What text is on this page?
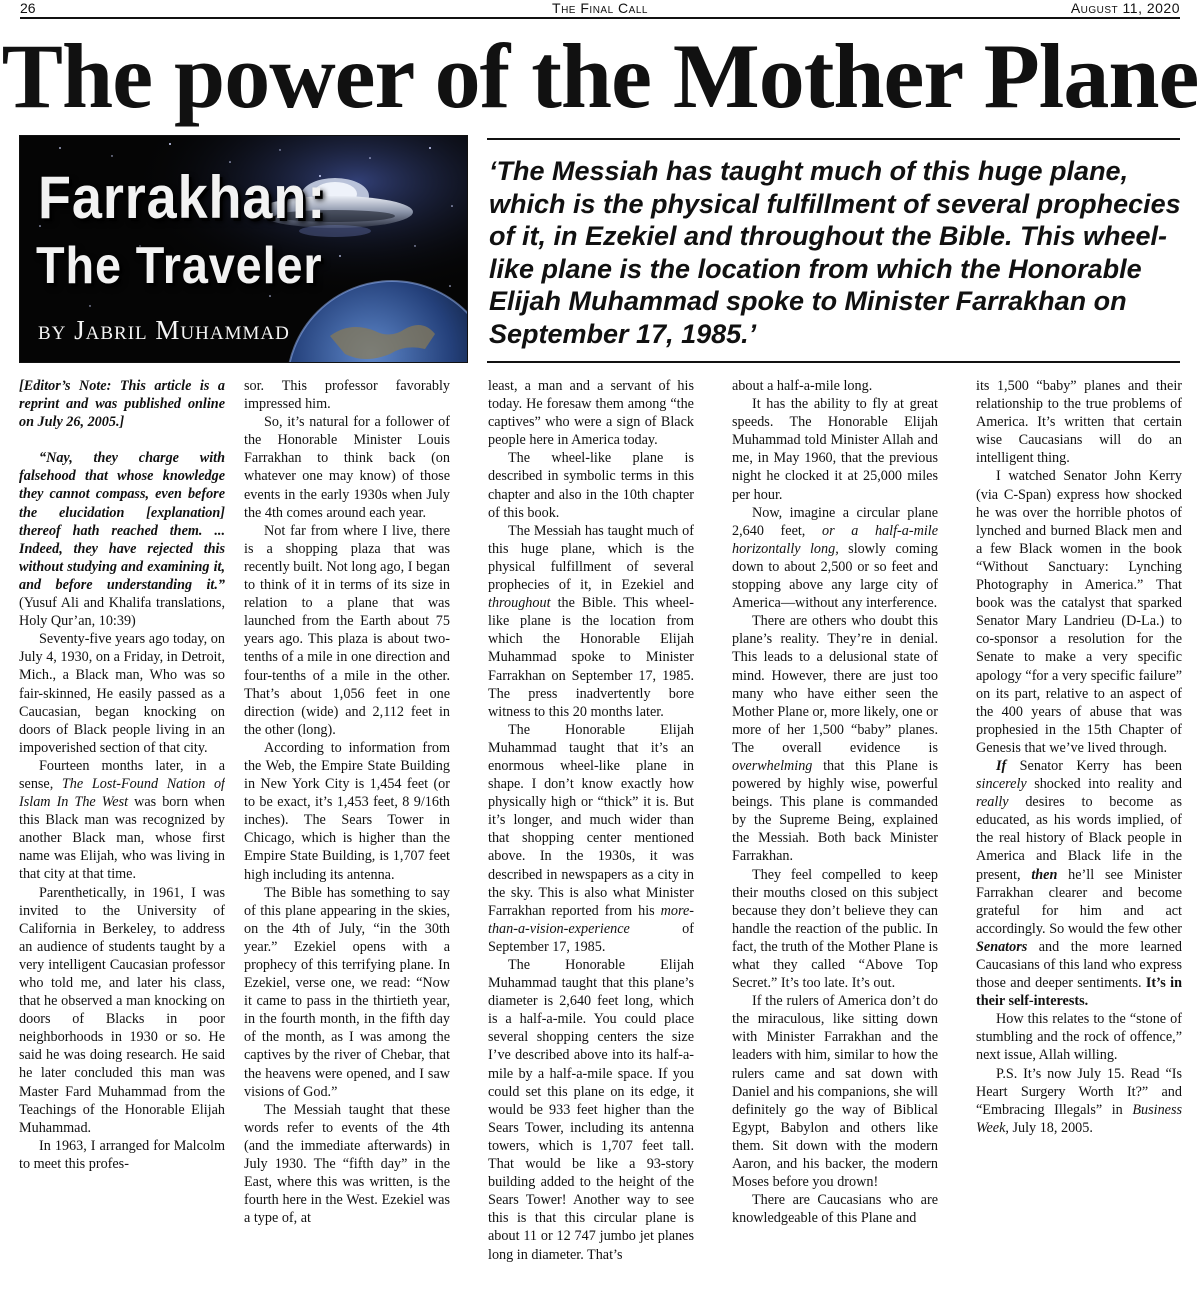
26	The Final Call	August 11, 2020
The power of the Mother Plane
Farrakhan:
The Traveler
by Jabril Muhammad

‘The Messiah has taught much of this huge plane, which is the physical fulfillment of several prophecies of it, in Ezekiel and throughout the Bible. This wheel-like plane is the location from which the Honorable Elijah Muhammad spoke to Minister Farrakhan on September 17, 1985.’

[Editor’s Note: This article is a reprint and was published online on July 26, 2005.]

“Nay, they charge with falsehood that whose knowledge they cannot compass, even before the elucidation [explanation] thereof hath reached them. ... Indeed, they have rejected this without studying and examining it, and before understanding it.” (Yusuf Ali and Khalifa translations, Holy Qur’an, 10:39)

Seventy-five years ago today, on July 4, 1930, on a Friday, in Detroit, Mich., a Black man, Who was so fair-skinned, He easily passed as a Caucasian, began knocking on doors of Black people living in an impoverished section of that city.

Fourteen months later, in a sense, The Lost-Found Nation of Islam In The West was born when this Black man was recognized by another Black man, whose first name was Elijah, who was living in that city at that time.

Parenthetically, in 1961, I was invited to the University of California in Berkeley, to address an audience of students taught by a very intelligent Caucasian professor who told me, and later his class, that he observed a man knocking on doors of Blacks in poor neighborhoods in 1930 or so. He said he was doing research. He said he later concluded this man was Master Fard Muhammad from the Teachings of the Honorable Elijah Muhammad.

In 1963, I arranged for Malcolm to meet this profes-

sor. This professor favorably impressed him.

So, it’s natural for a follower of the Honorable Minister Louis Farrakhan to think back (on whatever one may know) of those events in the early 1930s when July the 4th comes around each year.

Not far from where I live, there is a shopping plaza that was recently built. Not long ago, I began to think of it in terms of its size in relation to a plane that was launched from the Earth about 75 years ago. This plaza is about two-tenths of a mile in one direction and four-tenths of a mile in the other. That’s about 1,056 feet in one direction (wide) and 2,112 feet in the other (long).

According to information from the Web, the Empire State Building in New York City is 1,454 feet (or to be exact, it’s 1,453 feet, 8 9/16th inches). The Sears Tower in Chicago, which is higher than the Empire State Building, is 1,707 feet high including its antenna.

The Bible has something to say of this plane appearing in the skies, on the 4th of July, “in the 30th year.” Ezekiel opens with a prophecy of this terrifying plane. In Ezekiel, verse one, we read: “Now it came to pass in the thirtieth year, in the fourth month, in the fifth day of the month, as I was among the captives by the river of Chebar, that the heavens were opened, and I saw visions of God.”

The Messiah taught that these words refer to events of the 4th (and the immediate afterwards) in July 1930. The “fifth day” in the East, where this was written, is the fourth here in the West. Ezekiel was a type of, at

least, a man and a servant of his today. He foresaw them among “the captives” who were a sign of Black people here in America today.

The wheel-like plane is described in symbolic terms in this chapter and also in the 10th chapter of this book.

The Messiah has taught much of this huge plane, which is the physical fulfillment of several prophecies of it, in Ezekiel and throughout the Bible. This wheel-like plane is the location from which the Honorable Elijah Muhammad spoke to Minister Farrakhan on September 17, 1985. The press inadvertently bore witness to this 20 months later.

The Honorable Elijah Muhammad taught that it’s an enormous wheel-like plane in shape. I don’t know exactly how physically high or “thick” it is. But it’s longer, and much wider than that shopping center mentioned above. In the 1930s, it was described in newspapers as a city in the sky. This is also what Minister Farrakhan reported from his more-than-a-vision-experience of September 17, 1985.

The Honorable Elijah Muhammad taught that this plane’s diameter is 2,640 feet long, which is a half-a-mile. You could place several shopping centers the size I’ve described above into its half-a-mile by a half-a-mile space. If you could set this plane on its edge, it would be 933 feet higher than the Sears Tower, including its antenna towers, which is 1,707 feet tall. That would be like a 93-story building added to the height of the Sears Tower! Another way to see this is that this circular plane is about 11 or 12 747 jumbo jet planes long in diameter. That’s

about a half-a-mile long.

It has the ability to fly at great speeds. The Honorable Elijah Muhammad told Minister Allah and me, in May 1960, that the previous night he clocked it at 25,000 miles per hour.

Now, imagine a circular plane 2,640 feet, or a half-a-mile horizontally long, slowly coming down to about 2,500 or so feet and stopping above any large city of America—without any interference.

There are others who doubt this plane’s reality. They’re in denial. This leads to a delusional state of mind. However, there are just too many who have either seen the Mother Plane or, more likely, one or more of her 1,500 “baby” planes. The overall evidence is overwhelming that this Plane is powered by highly wise, powerful beings. This plane is commanded by the Supreme Being, explained the Messiah. Both back Minister Farrakhan.

They feel compelled to keep their mouths closed on this subject because they don’t believe they can handle the reaction of the public. In fact, the truth of the Mother Plane is what they called “Above Top Secret.” It’s too late. It’s out.

If the rulers of America don’t do the miraculous, like sitting down with Minister Farrakhan and the leaders with him, similar to how the rulers came and sat down with Daniel and his companions, she will definitely go the way of Biblical Egypt, Babylon and others like them. Sit down with the modern Aaron, and his backer, the modern Moses before you drown!

There are Caucasians who are knowledgeable of this Plane and

its 1,500 “baby” planes and their relationship to the true problems of America. It’s written that certain wise Caucasians will do an intelligent thing.

I watched Senator John Kerry (via C-Span) express how shocked he was over the horrible photos of lynched and burned Black men and a few Black women in the book “Without Sanctuary: Lynching Photography in America.” That book was the catalyst that sparked Senator Mary Landrieu (D-La.) to co-sponsor a resolution for the Senate to make a very specific apology “for a very specific failure” on its part, relative to an aspect of the 400 years of abuse that was prophesied in the 15th Chapter of Genesis that we’ve lived through.

If Senator Kerry has been sincerely shocked into reality and really desires to become as educated, as his words implied, of the real history of Black people in America and Black life in the present, then he’ll see Minister Farrakhan clearer and become grateful for him and act accordingly. So would the few other Senators and the more learned Caucasians of this land who express those and deeper sentiments. It’s in their self-interests.

How this relates to the “stone of stumbling and the rock of offence,” next issue, Allah willing.

P.S. It’s now July 15. Read “Is Heart Surgery Worth It?” and “Embracing Illegals” in Business Week, July 18, 2005.
